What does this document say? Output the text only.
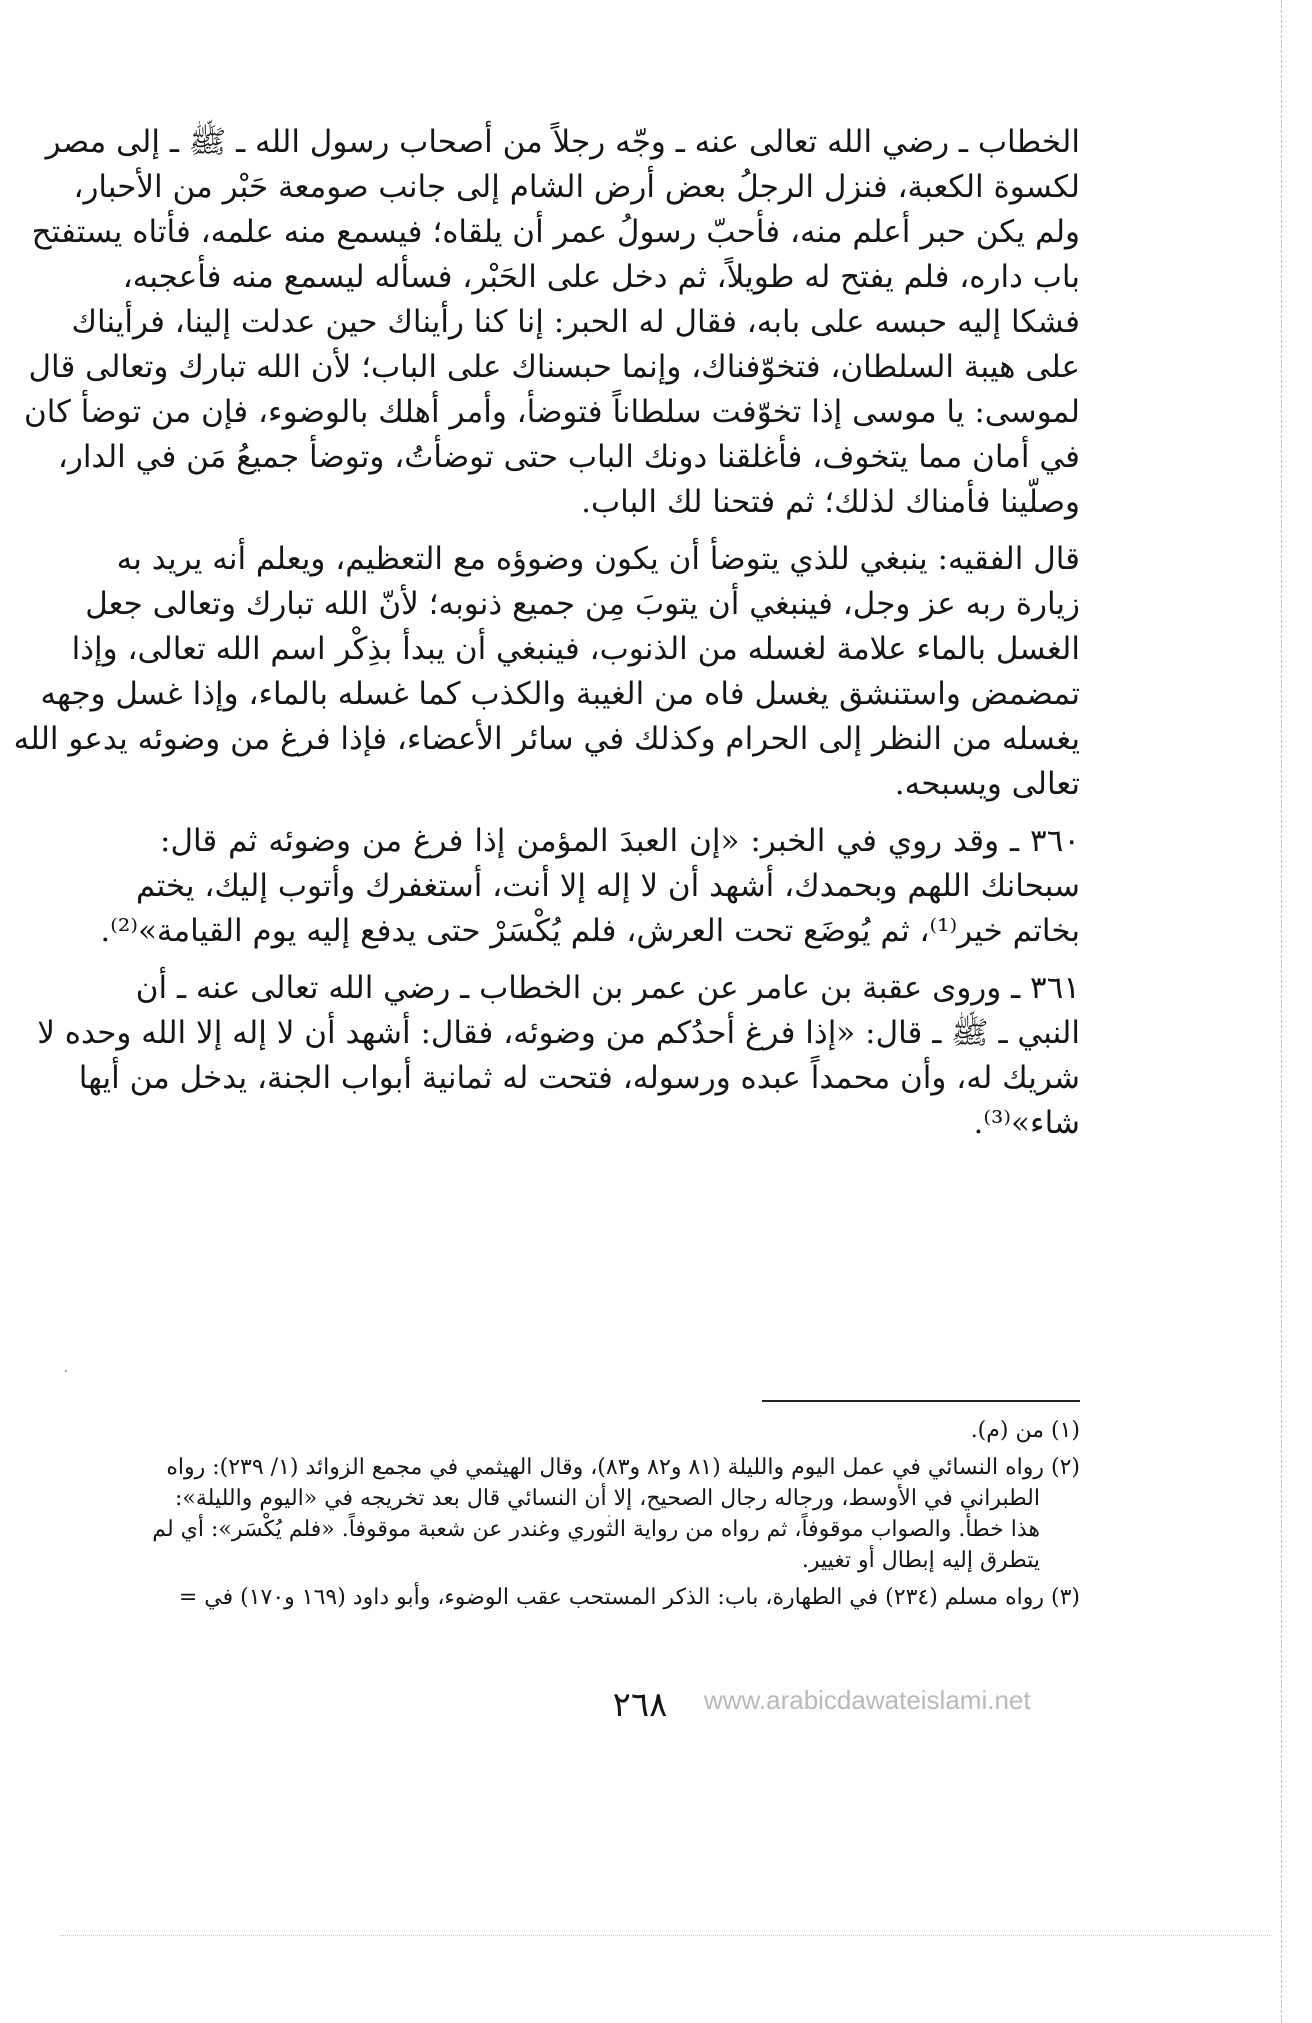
الخطاب ـ رضي الله تعالى عنه ـ وجّه رجلاً من أصحاب رسول الله ـ ﷺ ـ إلى مصر
لكسوة الكعبة، فنزل الرجلُ بعض أرض الشام إلى جانب صومعة حَبْر من الأحبار،
ولم يكن حبر أعلم منه، فأحبّ رسولُ عمر أن يلقاه؛ فيسمع منه علمه، فأتاه يستفتح
باب داره، فلم يفتح له طويلاً، ثم دخل على الحَبْر، فسأله ليسمع منه فأعجبه،
فشكا إليه حبسه على بابه، فقال له الحبر: إنا كنا رأيناك حين عدلت إلينا، فرأيناك
على هيبة السلطان، فتخوّفناك، وإنما حبسناك على الباب؛ لأن الله تبارك وتعالى قال
لموسى: يا موسى إذا تخوّفت سلطاناً فتوضأ، وأمر أهلك بالوضوء، فإن من توضأ كان
في أمان مما يتخوف، فأغلقنا دونك الباب حتى توضأتُ، وتوضأ جميعُ مَن في الدار،
وصلّينا فأمناك لذلك؛ ثم فتحنا لك الباب.
قال الفقيه: ينبغي للذي يتوضأ أن يكون وضوؤه مع التعظيم، ويعلم أنه يريد به
زيارة ربه عز وجل، فينبغي أن يتوبَ مِن جميع ذنوبه؛ لأنّ الله تبارك وتعالى جعل
الغسل بالماء علامة لغسله من الذنوب، فينبغي أن يبدأ بذِكْر اسم الله تعالى، وإذا
تمضمض واستنشق يغسل فاه من الغيبة والكذب كما غسله بالماء، وإذا غسل وجهه
يغسله من النظر إلى الحرام وكذلك في سائر الأعضاء، فإذا فرغ من وضوئه يدعو الله
تعالى ويسبحه.
٣٦٠ ـ وقد روي في الخبر: «إن العبدَ المؤمن إذا فرغ من وضوئه ثم قال:
سبحانك اللهم وبحمدك، أشهد أن لا إله إلا أنت، أستغفرك وأتوب إليك، يختم
بخاتم خير⁽¹⁾، ثم يُوضَع تحت العرش، فلم يُكْسَرْ حتى يدفع إليه يوم القيامة»⁽²⁾.
٣٦١ ـ وروى عقبة بن عامر عن عمر بن الخطاب ـ رضي الله تعالى عنه ـ أن
النبي ـ ﷺ ـ قال: «إذا فرغ أحدُكم من وضوئه، فقال: أشهد أن لا إله إلا الله وحده لا
شريك له، وأن محمداً عبده ورسوله، فتحت له ثمانية أبواب الجنة، يدخل من أيها
شاء»⁽³⁾.
(١) من (م).
(٢) رواه النسائي في عمل اليوم والليلة (٨١ و٨٢ و٨٣)، وقال الهيثمي في مجمع الزوائد (١/ ٢٣٩): رواه
الطبراني في الأوسط، ورجاله رجال الصحيح، إلا أن النسائي قال بعد تخريجه في «اليوم والليلة»:
هذا خطأ. والصواب موقوفاً، ثم رواه من رواية الثوري وغندر عن شعبة موقوفاً. «فلم يُكْسَر»: أي لم
يتطرق إليه إبطال أو تغيير.
(٣) رواه مسلم (٢٣٤) في الطهارة، باب: الذكر المستحب عقب الوضوء، وأبو داود (١٦٩ و١٧٠) في =
٢٦٨	www.arabicdawateislami.net
